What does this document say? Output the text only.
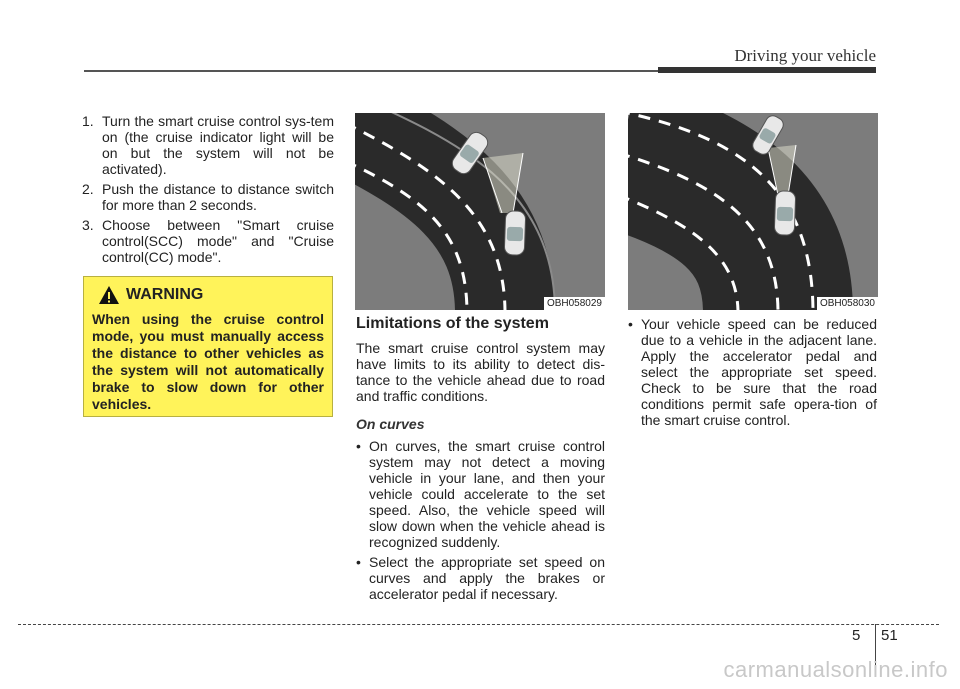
Driving your vehicle
1. Turn the smart cruise control sys-tem on (the cruise indicator light will be on but the system will not be activated).
2. Push the distance to distance switch for more than 2 seconds.
3. Choose between "Smart cruise control(SCC) mode" and "Cruise control(CC) mode".
WARNING
When using the cruise control mode, you must manually access the distance to other vehicles as the system will not automatically brake to slow down for other vehicles.
OBH058029	OBH058030
Limitations of the system
The smart cruise control system may have limits to its ability to detect dis-tance to the vehicle ahead due to road and traffic conditions.
On curves
• On curves, the smart cruise control system may not detect a moving vehicle in your lane, and then your vehicle could accelerate to the set speed. Also, the vehicle speed will slow down when the vehicle ahead is recognized suddenly.
• Select the appropriate set speed on curves and apply the brakes or accelerator pedal if necessary.
• Your vehicle speed can be reduced due to a vehicle in the adjacent lane. Apply the accelerator pedal and select the appropriate set speed. Check to be sure that the road conditions permit safe opera-tion of the smart cruise control.
5 51
carmanualsonline.info
